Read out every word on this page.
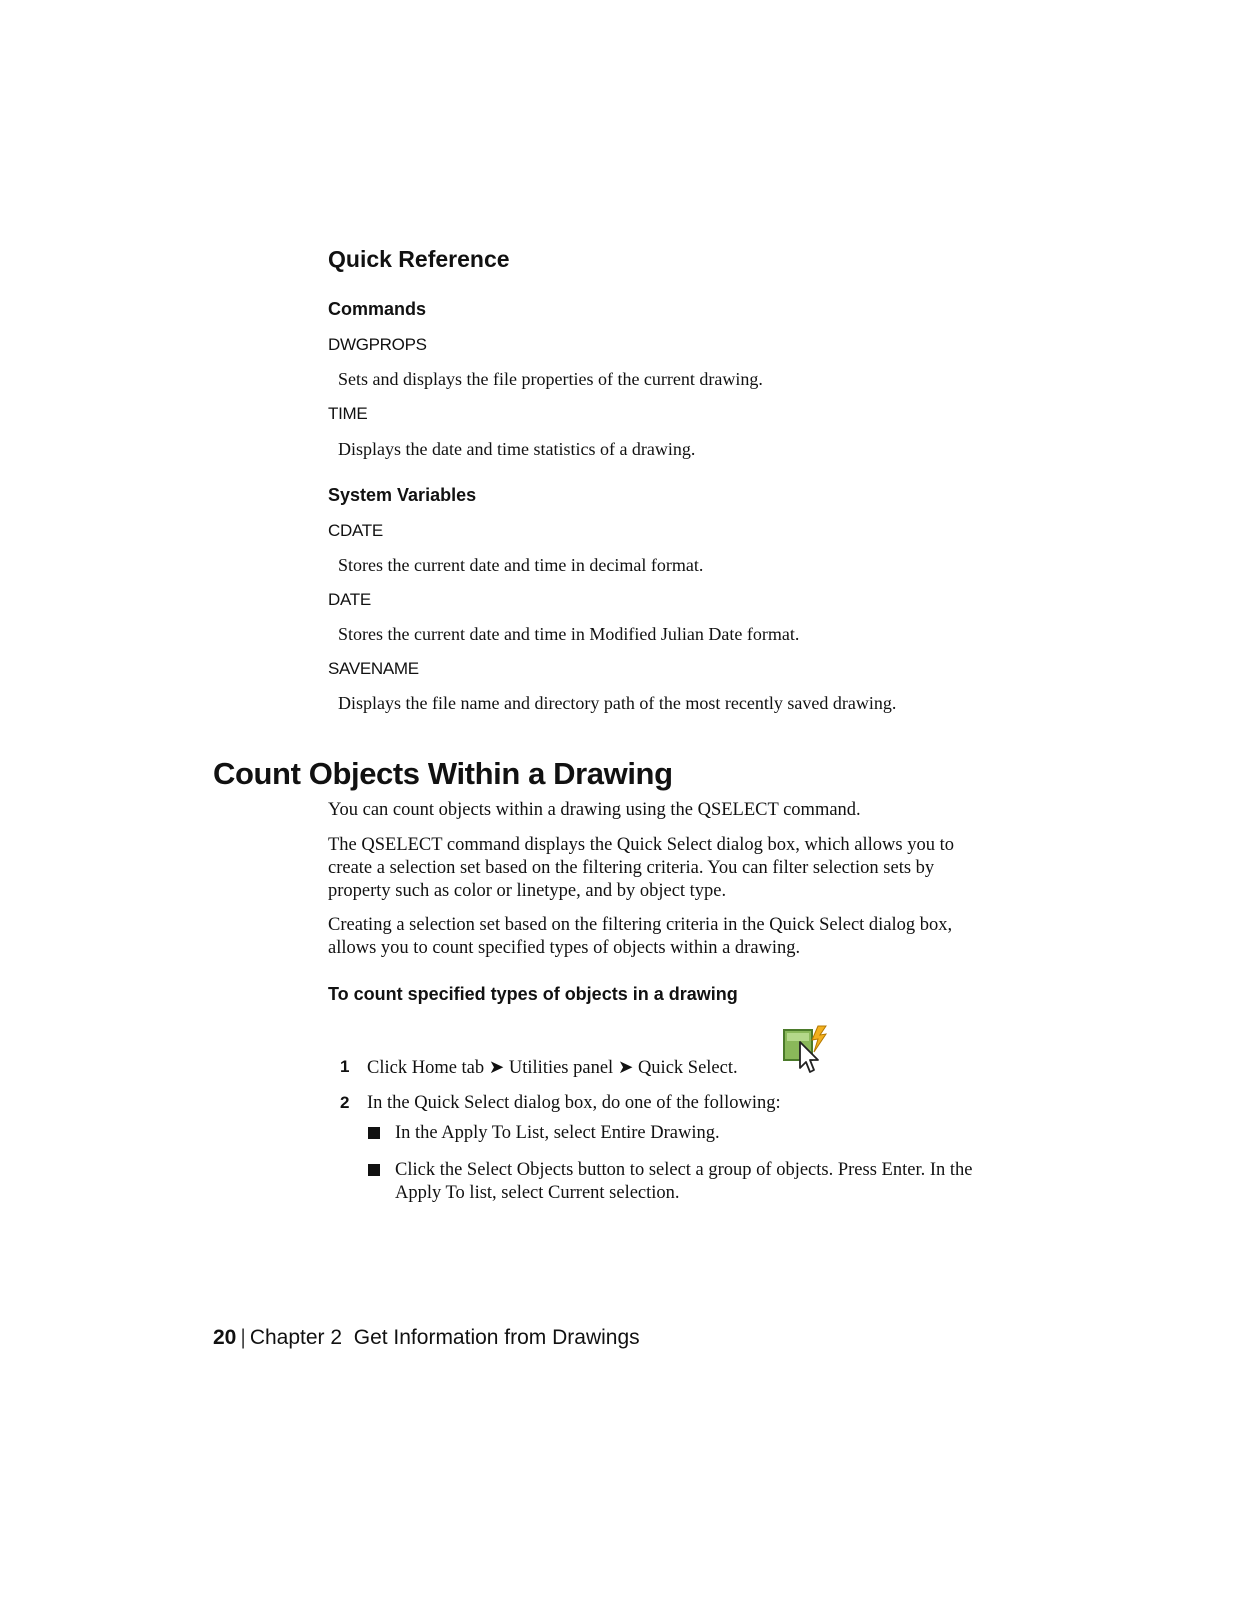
Quick Reference

Commands

DWGPROPS

Sets and displays the file properties of the current drawing.

TIME

Displays the date and time statistics of a drawing.

System Variables

CDATE

Stores the current date and time in decimal format.

DATE

Stores the current date and time in Modified Julian Date format.

SAVENAME

Displays the file name and directory path of the most recently saved drawing.

Count Objects Within a Drawing

You can count objects within a drawing using the QSELECT command.

The QSELECT command displays the Quick Select dialog box, which allows you to create a selection set based on the filtering criteria. You can filter selection sets by property such as color or linetype, and by object type.

Creating a selection set based on the filtering criteria in the Quick Select dialog box, allows you to count specified types of objects within a drawing.

To count specified types of objects in a drawing

1 Click Home tab ➤ Utilities panel ➤ Quick Select.
2 In the Quick Select dialog box, do one of the following:
In the Apply To List, select Entire Drawing.
Click the Select Objects button to select a group of objects. Press Enter. In the Apply To list, select Current selection.
20 | Chapter 2 Get Information from Drawings
